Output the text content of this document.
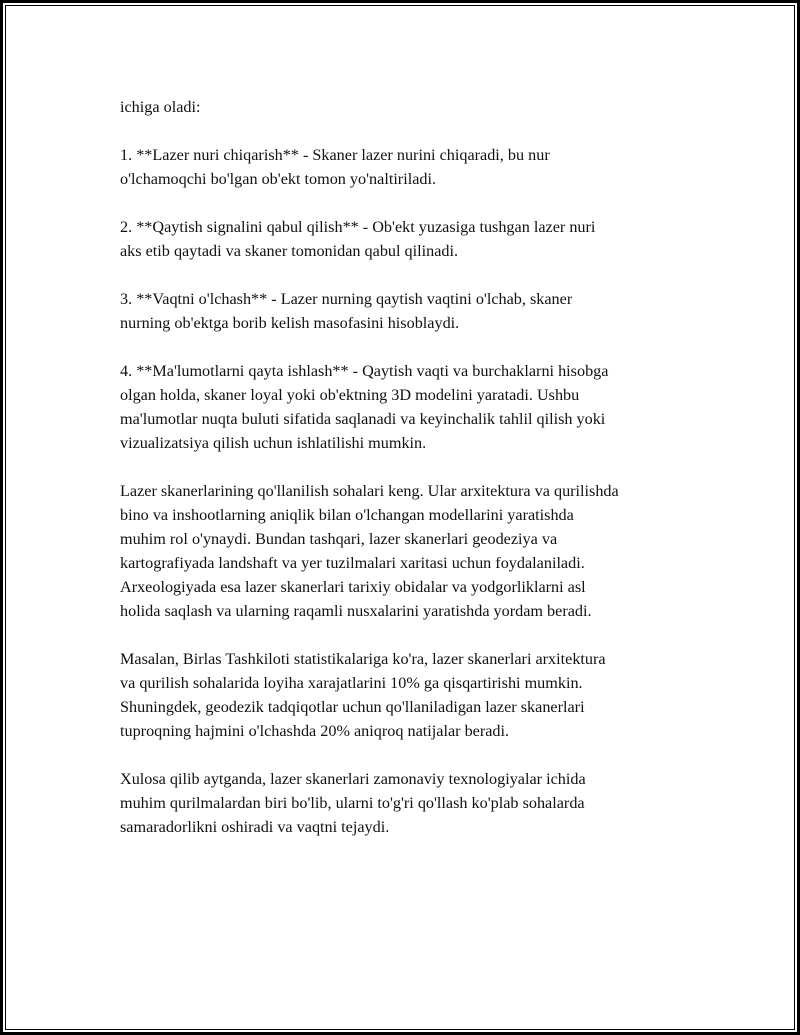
ichiga oladi:

1. **Lazer nuri chiqarish** - Skaner lazer nurini chiqaradi, bu nur
o'lchamoqchi bo'lgan ob'ekt tomon yo'naltiriladi.

2. **Qaytish signalini qabul qilish** - Ob'ekt yuzasiga tushgan lazer nuri
aks etib qaytadi va skaner tomonidan qabul qilinadi.

3. **Vaqtni o'lchash** - Lazer nurning qaytish vaqtini o'lchab, skaner
nurning ob'ektga borib kelish masofasini hisoblaydi.

4. **Ma'lumotlarni qayta ishlash** - Qaytish vaqti va burchaklarni hisobga
olgan holda, skaner loyal yoki ob'ektning 3D modelini yaratadi. Ushbu
ma'lumotlar nuqta buluti sifatida saqlanadi va keyinchalik tahlil qilish yoki
vizualizatsiya qilish uchun ishlatilishi mumkin.

Lazer skanerlarining qo'llanilish sohalari keng. Ular arxitektura va qurilishda
bino va inshootlarning aniqlik bilan o'lchangan modellarini yaratishda
muhim rol o'ynaydi. Bundan tashqari, lazer skanerlari geodeziya va
kartografiyada landshaft va yer tuzilmalari xaritasi uchun foydalaniladi.
Arxeologiyada esa lazer skanerlari tarixiy obidalar va yodgorliklarni asl
holida saqlash va ularning raqamli nusxalarini yaratishda yordam beradi.

Masalan, Birlas Tashkiloti statistikalariga ko'ra, lazer skanerlari arxitektura
va qurilish sohalarida loyiha xarajatlarini 10% ga qisqartirishi mumkin.
Shuningdek, geodezik tadqiqotlar uchun qo'llaniladigan lazer skanerlari
tuproqning hajmini o'lchashda 20% aniqroq natijalar beradi.

Xulosa qilib aytganda, lazer skanerlari zamonaviy texnologiyalar ichida
muhim qurilmalardan biri bo'lib, ularni to'g'ri qo'llash ko'plab sohalarda
samaradorlikni oshiradi va vaqtni tejaydi.
